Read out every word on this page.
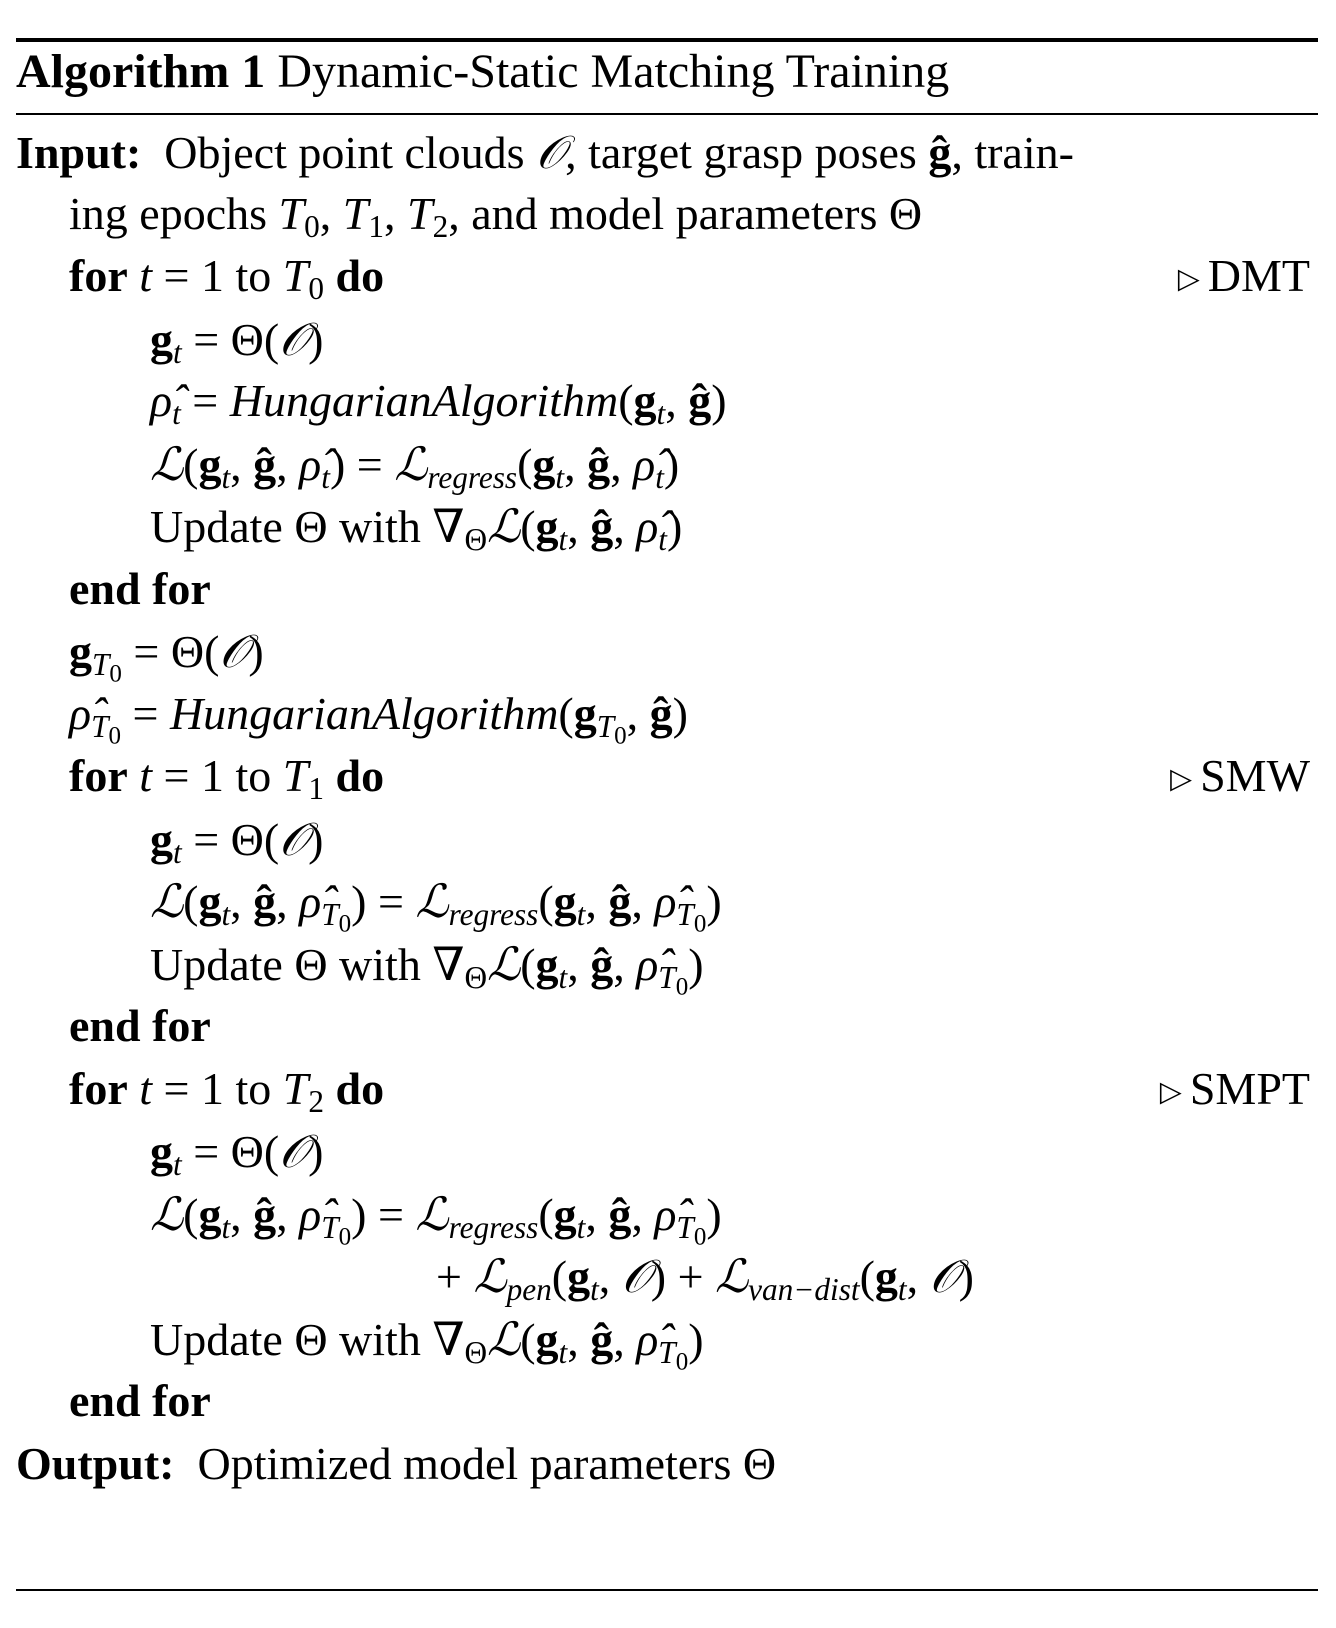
Algorithm 1 Dynamic-Static Matching Training
Input:  Object point clouds 𝒪, target grasp poses ĝ, train-
ing epochs $T_0$, $T_1$, $T_2$, and model parameters Θ
for t = 1 to $T_0$ do	▷ DMT
$g_t$ = Θ(𝒪)
$\rhô_t$ = $HungarianAlgorithm(g_t$, ĝ)
$ℒ(g_t$, ĝ, $\rhô_t$) = $ℒ_{regress}(g_t$, ĝ, $\rhô_t$)
Update Θ with $\nabla_\Theta ℒ(g_t$, ĝ, $\rhô_t$)
end for
$g_{T_0}$ = Θ(𝒪)
$\rhô_{T_0}$ = $HungarianAlgorithm(g_{T_0}$, ĝ)
for t = 1 to $T_1$ do	▷ SMW
$g_t$ = Θ(𝒪)
$ℒ(g_t$, ĝ, $\rhô_{T_0}$) = $ℒ_{regress}(g_t$, ĝ, $\rhô_{T_0}$)
Update Θ with $\nabla_\Theta ℒ(g_t$, ĝ, $\rhô_{T_0}$)
end for
for t = 1 to $T_2$ do	▷ SMPT
$g_t$ = Θ(𝒪)
$ℒ(g_t$, ĝ, $\rhô_{T_0}$) = $ℒ_{regress}(g_t$, ĝ, $\rhô_{T_0}$)
+ $ℒ_{pen}(g_t$, 𝒪) + $ℒ_{van-dist}(g_t$, 𝒪)
Update Θ with $\nabla_\Theta ℒ(g_t$, ĝ, $\rhô_{T_0}$)
end for
Output: Optimized model parameters Θ
